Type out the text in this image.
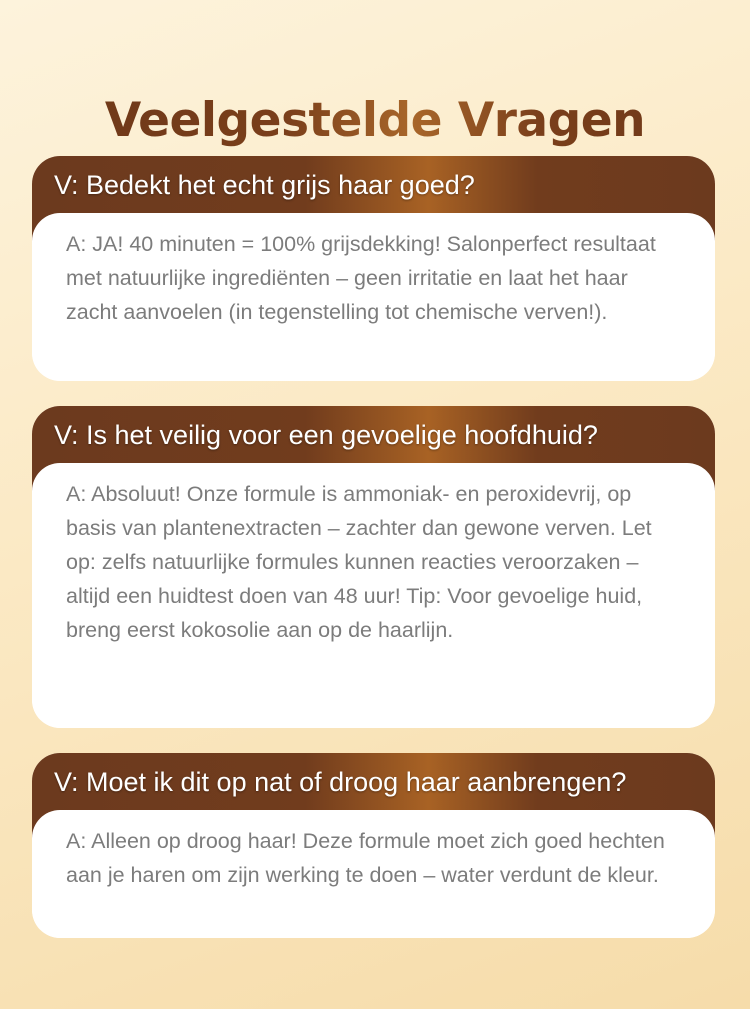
Veelgestelde Vragen
V: Bedekt het echt grijs haar goed?
A: JA! 40 minuten = 100% grijsdekking! Salonperfect resultaat met natuurlijke ingrediënten – geen irritatie en laat het haar zacht aanvoelen (in tegenstelling tot chemische verven!).
V: Is het veilig voor een gevoelige hoofdhuid?
A: Absoluut! Onze formule is ammoniak- en peroxidevrij, op basis van plantenextracten – zachter dan gewone verven. Let op: zelfs natuurlijke formules kunnen reacties veroorzaken – altijd een huidtest doen van 48 uur! Tip: Voor gevoelige huid, breng eerst kokosolie aan op de haarlijn.
V: Moet ik dit op nat of droog haar aanbrengen?
A: Alleen op droog haar! Deze formule moet zich goed hechten aan je haren om zijn werking te doen – water verdunt de kleur.
